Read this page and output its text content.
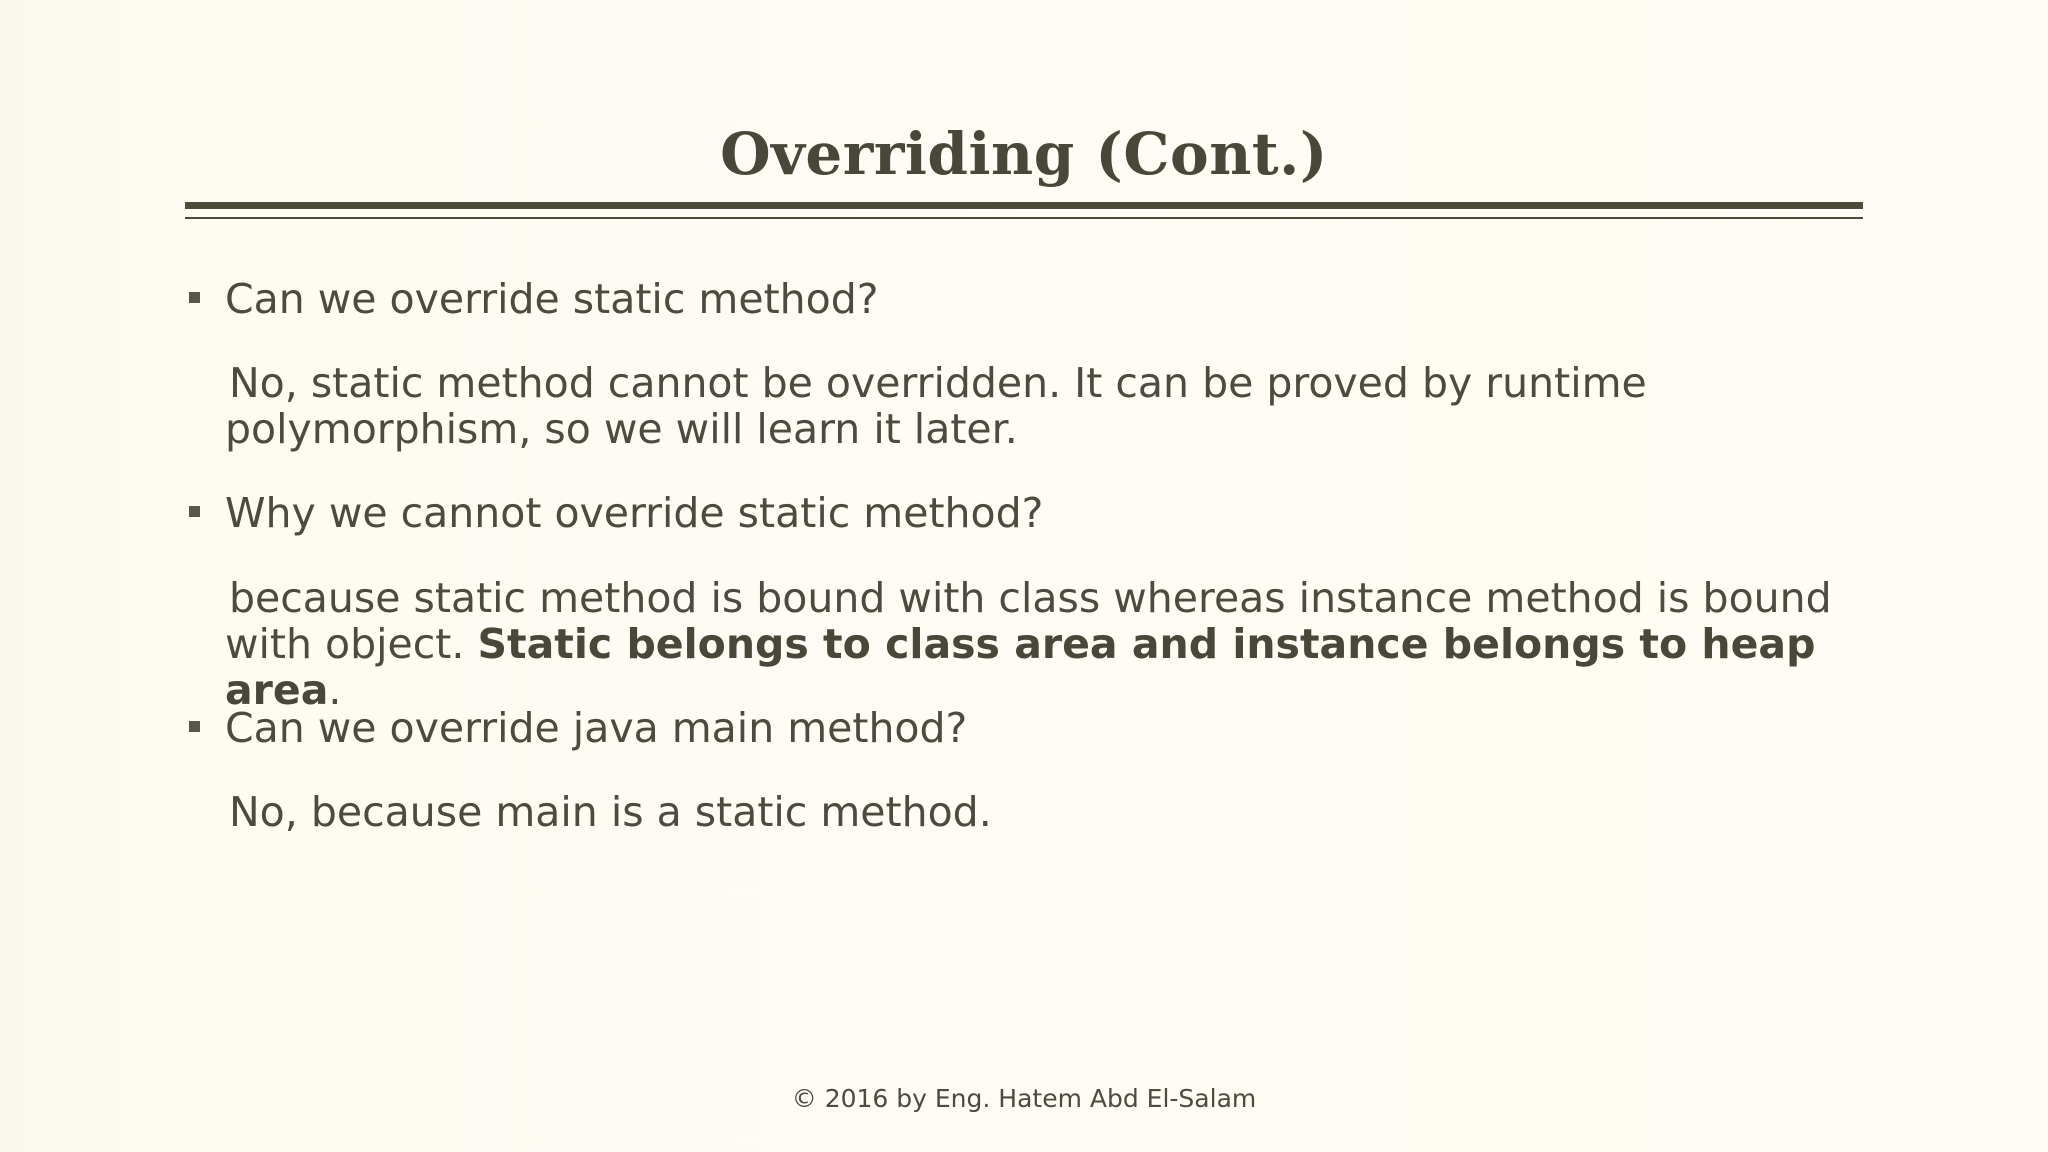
Overriding (Cont.)
Can we override static method?
No, static method cannot be overridden. It can be proved by runtime polymorphism, so we will learn it later.
Why we cannot override static method?
because static method is bound with class whereas instance method is bound with object. Static belongs to class area and instance belongs to heap area.
Can we override java main method?
No, because main is a static method.
© 2016 by Eng. Hatem Abd El-Salam
